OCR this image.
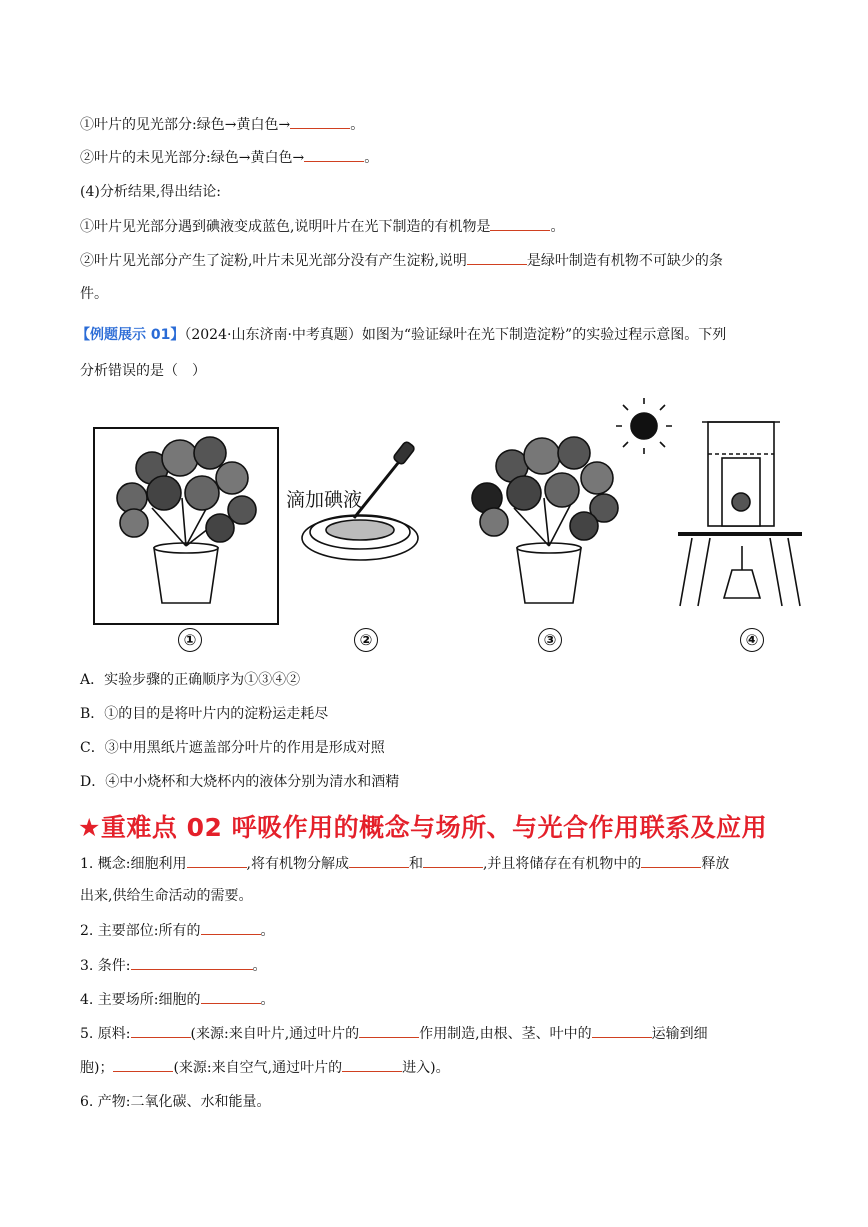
①叶片的见光部分:绿色→黄白色→	。
②叶片的未见光部分:绿色→黄白色→	。
(4)分析结果,得出结论:
①叶片见光部分遇到碘液变成蓝色,说明叶片在光下制造的有机物是	。
②叶片见光部分产生了淀粉,叶片未见光部分没有产生淀粉,说明	是绿叶制造有机物不可缺少的条
件。
【例题展示 01】（2024·山东济南·中考真题）如图为“验证绿叶在光下制造淀粉”的实验过程示意图。下列
分析错误的是（　）
滴加碘液
①	②	③	④
A．实验步骤的正确顺序为①③④②
B．①的目的是将叶片内的淀粉运走耗尽
C．③中用黑纸片遮盖部分叶片的作用是形成对照
D．④中小烧杯和大烧杯内的液体分别为清水和酒精
★重难点 02 呼吸作用的概念与场所、与光合作用联系及应用
1. 概念:细胞利用	,将有机物分解成	和	,并且将储存在有机物中的	释放
出来,供给生命活动的需要。
2. 主要部位:所有的	。
3. 条件:	。
4. 主要场所:细胞的	。
5. 原料:	(来源:来自叶片,通过叶片的	作用制造,由根、茎、叶中的	运输到细
胞)；	(来源:来自空气,通过叶片的	进入)。
6. 产物:二氧化碳、水和能量。
